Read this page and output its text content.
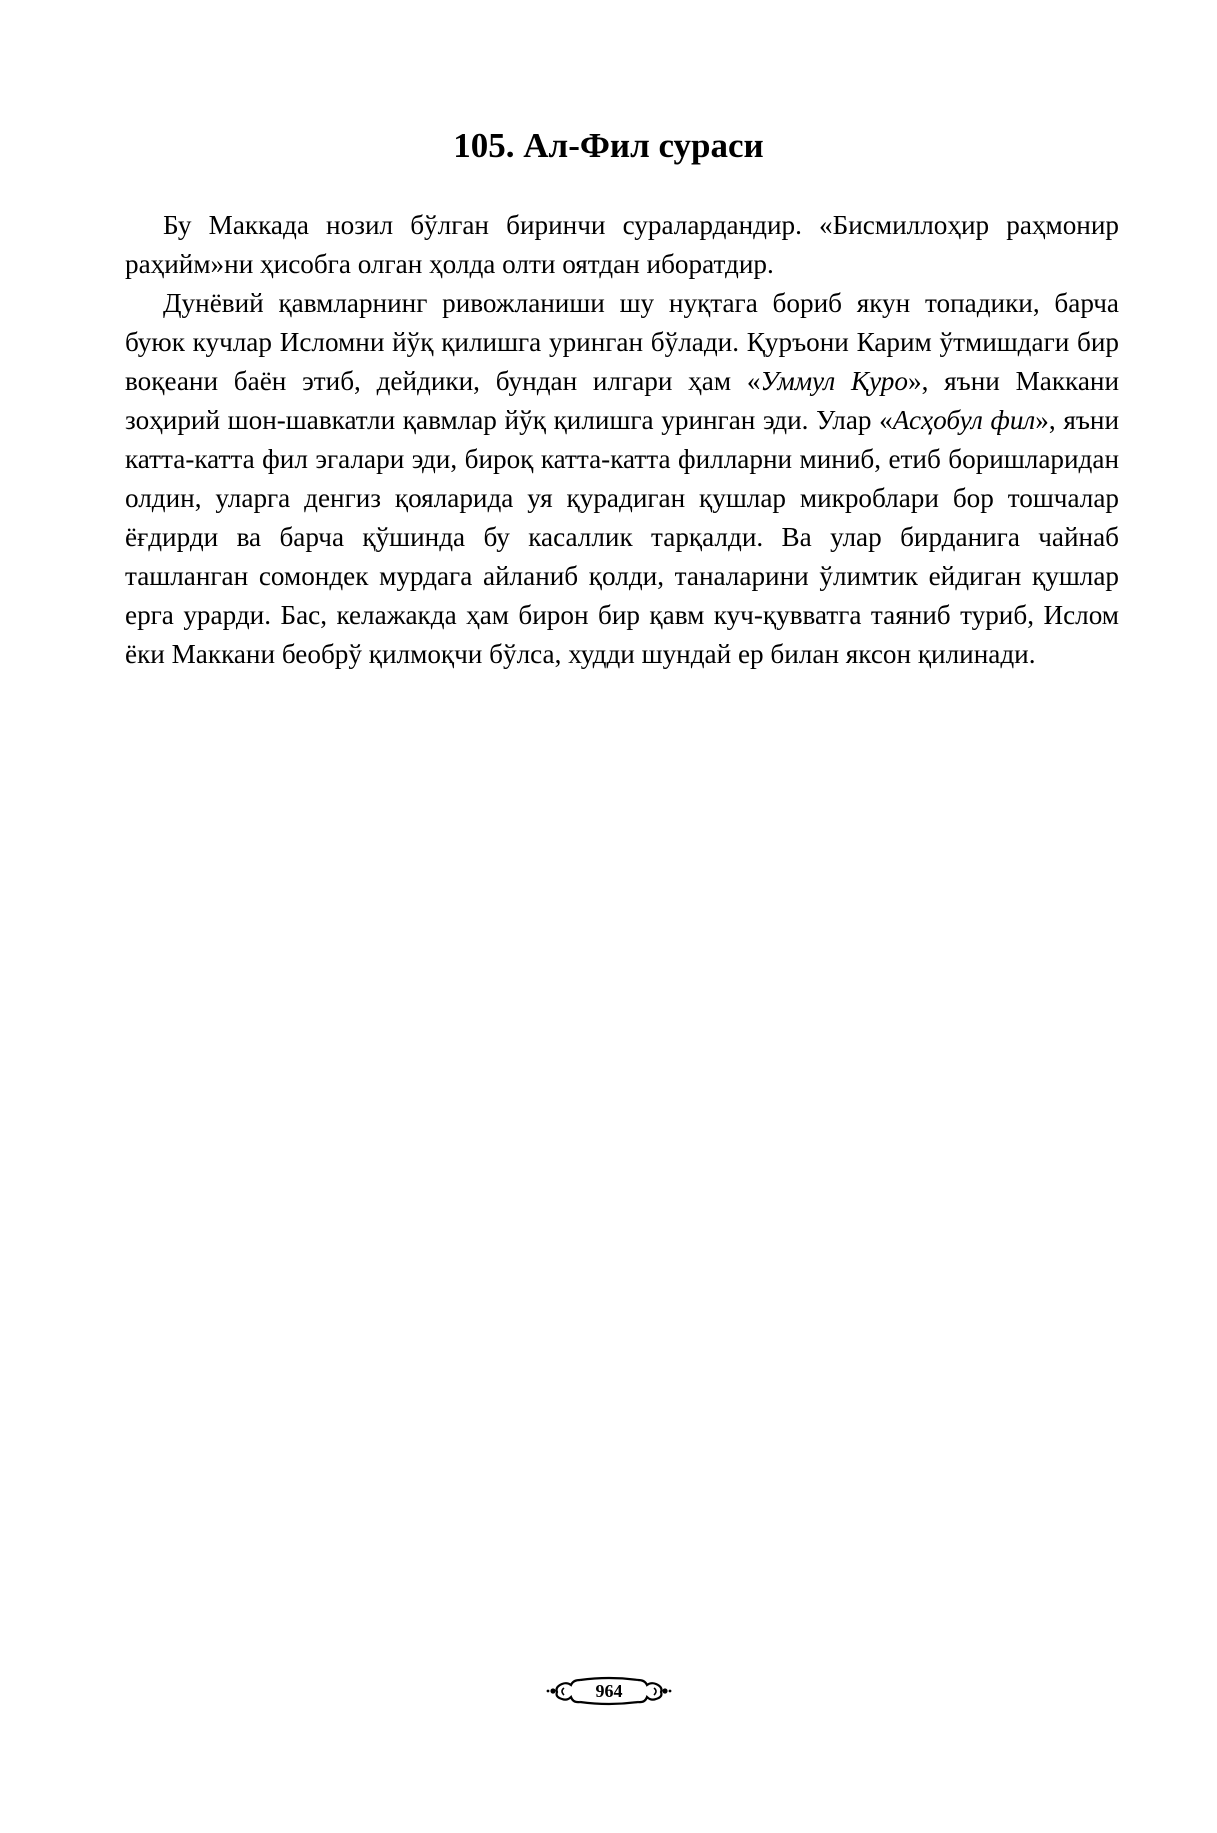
105. Ал-Фил сураси

Бу Маккада нозил бўлган биринчи суралардандир. «Бисмиллоҳир раҳмонир раҳийм»ни ҳисобга олган ҳолда олти оятдан иборатдир.

Дунёвий қавмларнинг ривожланиши шу нуқтага бориб якун топадики, барча буюк кучлар Исломни йўқ қилишга уринган бўлади. Қуръони Карим ўтмишдаги бир воқеани баён этиб, дейдики, бундан илгари ҳам «Уммул Қуро», яъни Маккани зоҳирий шон-шавкатли қавмлар йўқ қилишга уринган эди. Улар «Асҳобул фил», яъни катта-катта фил эгалари эди, бироқ катта-катта филларни миниб, етиб боришларидан олдин, уларга денгиз қояларида уя қурадиган қушлар микроблари бор тошчалар ёғдирди ва барча қўшинда бу касаллик тарқалди. Ва улар бирданига чайнаб ташланган сомондек мурдага айланиб қолди, таналарини ўлимтик ейдиган қушлар ерга урарди. Бас, келажакда ҳам бирон бир қавм куч-қувватга таяниб туриб, Ислом ёки Маккани беобрў қилмоқчи бўлса, худди шундай ер билан яксон қилинади.

964
